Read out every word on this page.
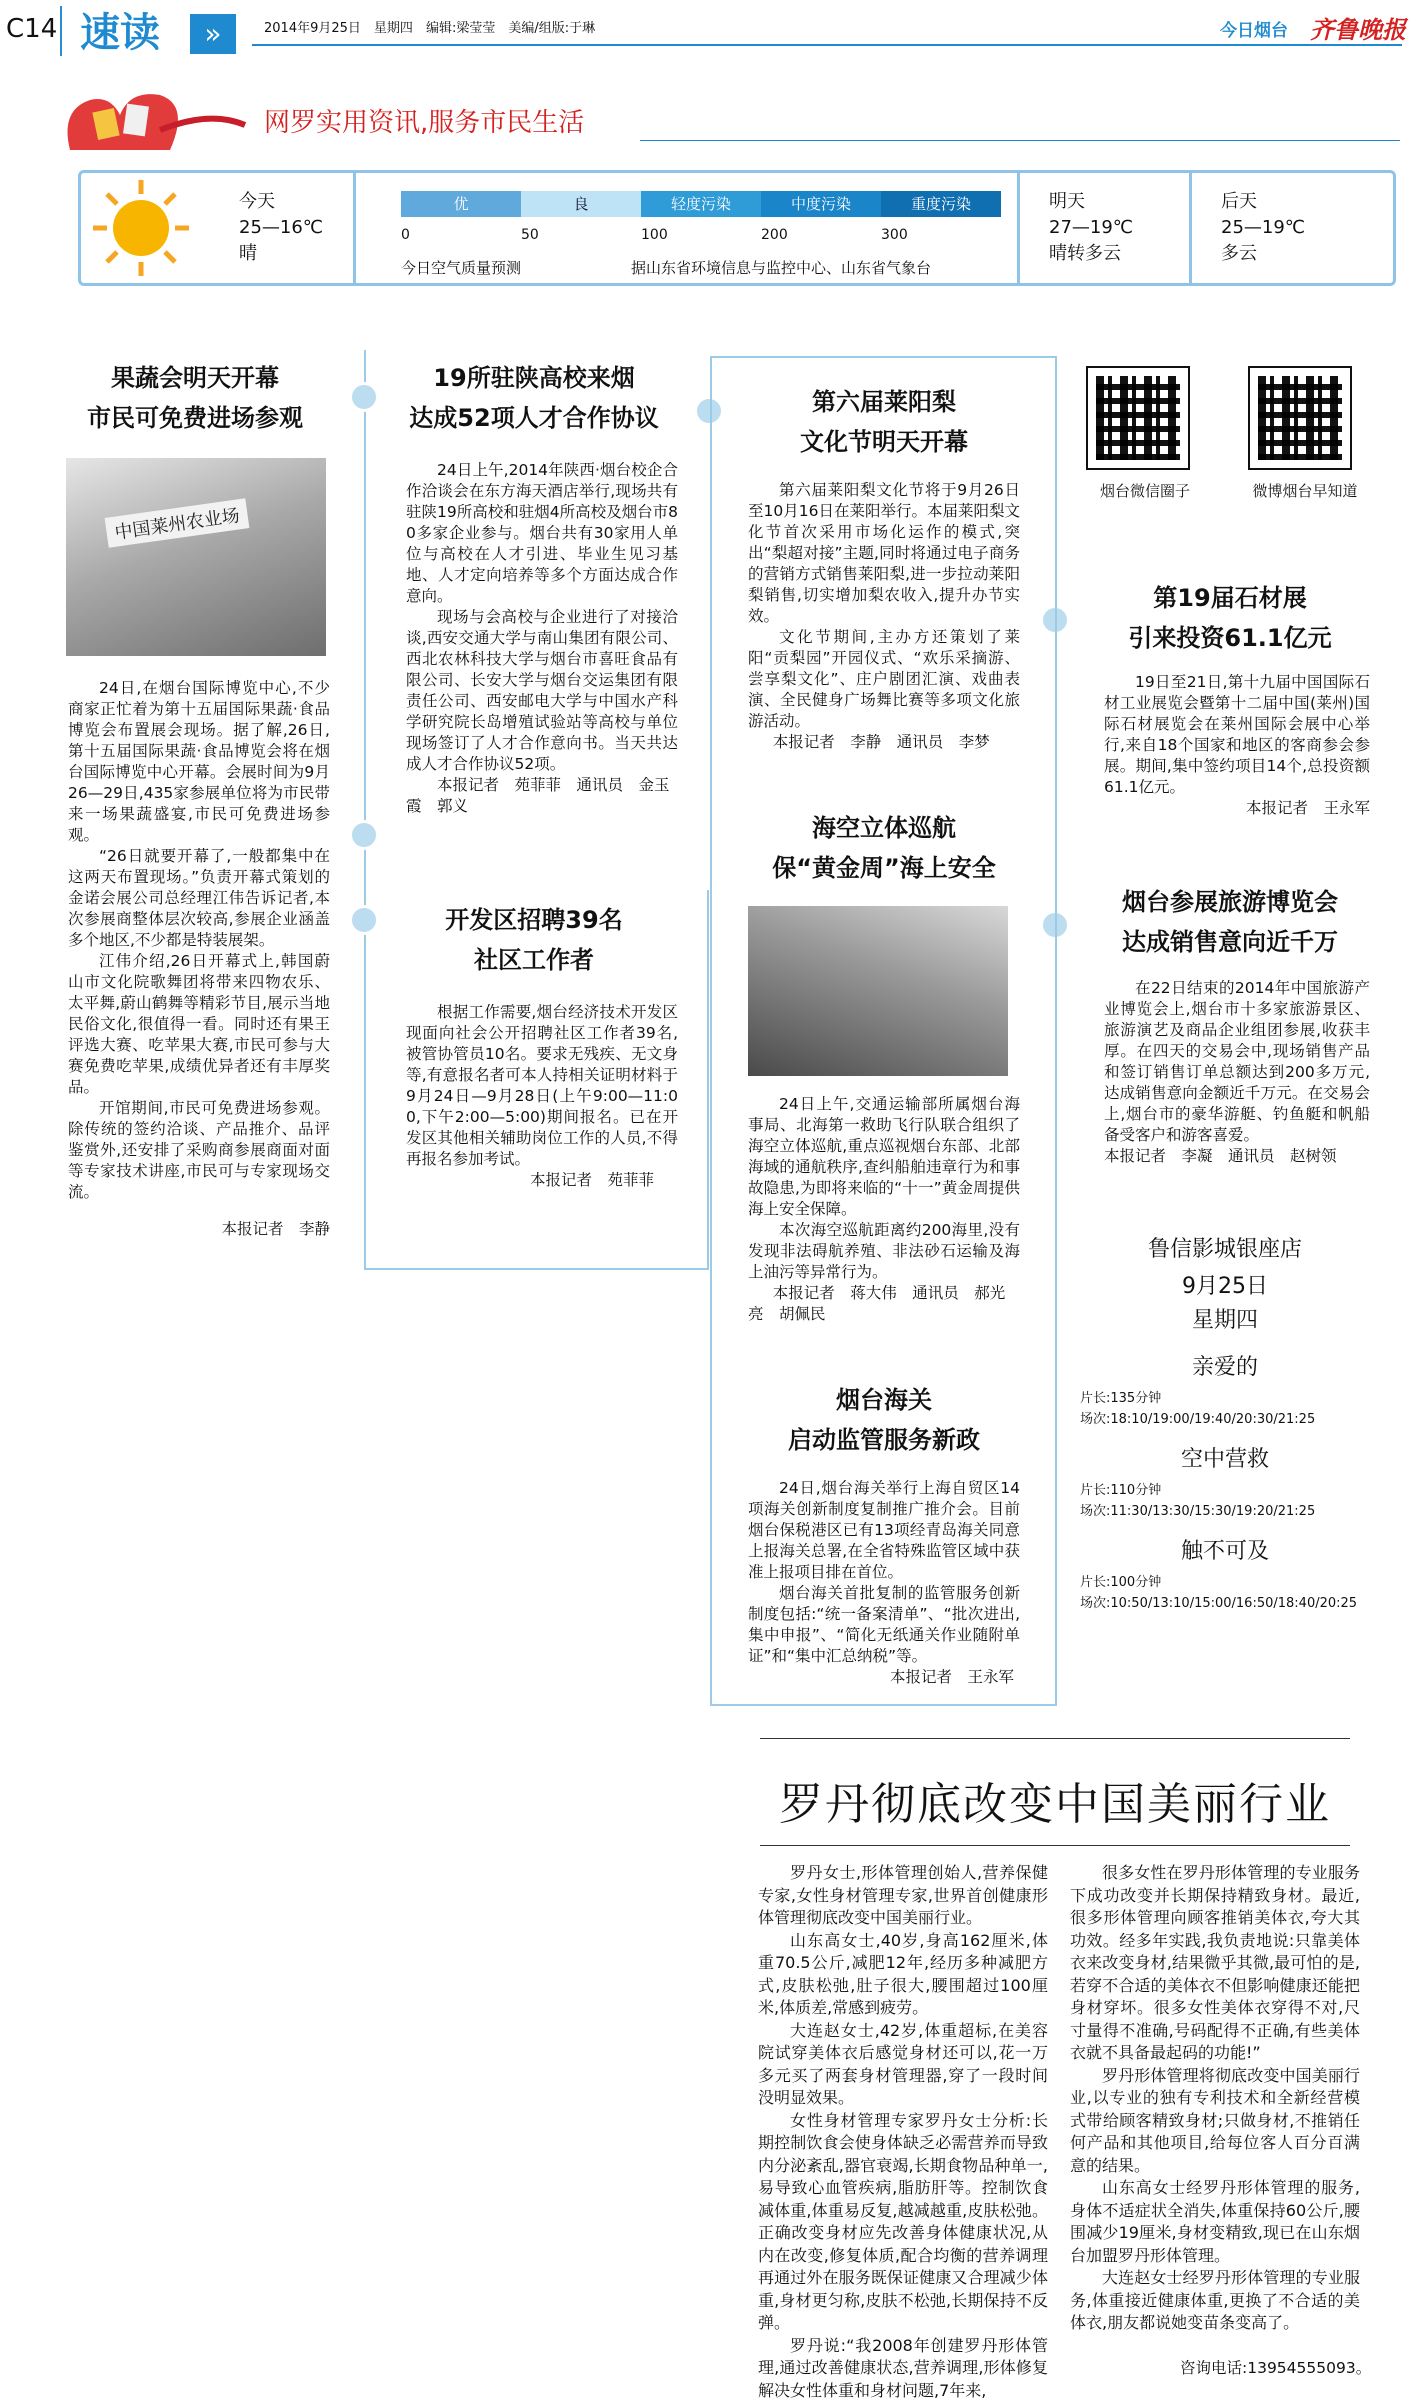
C14 速读	»	2014年9月25日　 星期四　 编辑:梁莹莹　 美编/组版:于琳	今日烟台 齐鲁晚报
网罗实用资讯,服务市民生活
今天
25—16℃
晴
优	良	轻度污染	中度污染	重度污染
0	50	100	200	300
今日空气质量预测	据山东省环境信息与监控中心、山东省气象台
明天
27—19℃
晴转多云
后天
25—19℃
多云
果蔬会明天开幕
市民可免费进场参观
中国莱州农业场

24日,在烟台国际博览中心,不少商家正忙着为第十五届国际果蔬·食品博览会布置展会现场。据了解,26日,第十五届国际果蔬·食品博览会将在烟台国际博览中心开幕。会展时间为9月26—29日,435家参展单位将为市民带来一场果蔬盛宴,市民可免费进场参观。

“26日就要开幕了,一般都集中在这两天布置现场。”负责开幕式策划的金诺会展公司总经理江伟告诉记者,本次参展商整体层次较高,参展企业涵盖多个地区,不少都是特装展架。

江伟介绍,26日开幕式上,韩国蔚山市文化院歌舞团将带来四物农乐、太平舞,蔚山鹤舞等精彩节目,展示当地民俗文化,很值得一看。同时还有果王评选大赛、吃苹果大赛,市民可参与大赛免费吃苹果,成绩优异者还有丰厚奖品。

开馆期间,市民可免费进场参观。除传统的签约洽谈、产品推介、品评鉴赏外,还安排了采购商参展商面对面等专家技术讲座,市民可与专家现场交流。

本报记者　李静
19所驻陕高校来烟
达成52项人才合作协议

24日上午,2014年陕西·烟台校企合作洽谈会在东方海天酒店举行,现场共有驻陕19所高校和驻烟4所高校及烟台市80多家企业参与。烟台共有30家用人单位与高校在人才引进、毕业生见习基地、人才定向培养等多个方面达成合作意向。

现场与会高校与企业进行了对接洽谈,西安交通大学与南山集团有限公司、西北农林科技大学与烟台市喜旺食品有限公司、长安大学与烟台交运集团有限责任公司、西安邮电大学与中国水产科学研究院长岛增殖试验站等高校与单位现场签订了人才合作意向书。当天共达成人才合作协议52项。

本报记者　苑菲菲　通讯员　金玉霞　郭义
开发区招聘39名
社区工作者

根据工作需要,烟台经济技术开发区现面向社会公开招聘社区工作者39名,被管协管员10名。要求无残疾、无文身等,有意报名者可本人持相关证明材料于9月24日—9月28日(上午9:00—11:00,下午2:00—5:00)期间报名。已在开发区其他相关辅助岗位工作的人员,不得再报名参加考试。

本报记者　苑菲菲
第六届莱阳梨
文化节明天开幕

第六届莱阳梨文化节将于9月26日至10月16日在莱阳举行。本届莱阳梨文化节首次采用市场化运作的模式,突出“梨超对接”主题,同时将通过电子商务的营销方式销售莱阳梨,进一步拉动莱阳梨销售,切实增加梨农收入,提升办节实效。

文化节期间,主办方还策划了莱阳“贡梨园”开园仪式、“欢乐采摘游、尝享梨文化”、庄户剧团汇演、戏曲表演、全民健身广场舞比赛等多项文化旅游活动。

本报记者　李静　通讯员　李梦
海空立体巡航
保“黄金周”海上安全

24日上午,交通运输部所属烟台海事局、北海第一救助飞行队联合组织了海空立体巡航,重点巡视烟台东部、北部海域的通航秩序,查纠船舶违章行为和事故隐患,为即将来临的“十一”黄金周提供海上安全保障。

本次海空巡航距离约200海里,没有发现非法碍航养殖、非法砂石运输及海上油污等异常行为。

本报记者　蒋大伟　通讯员　郝光亮　胡佩民
烟台海关
启动监管服务新政

24日,烟台海关举行上海自贸区14项海关创新制度复制推广推介会。目前烟台保税港区已有13项经青岛海关同意上报海关总署,在全省特殊监管区域中获准上报项目排在首位。

烟台海关首批复制的监管服务创新制度包括:“统一备案清单”、“批次进出,集中申报”、“简化无纸通关作业随附单证”和“集中汇总纳税”等。

本报记者　王永军
烟台微信圈子	微博烟台早知道
第19届石材展
引来投资61.1亿元

19日至21日,第十九届中国国际石材工业展览会暨第十二届中国(莱州)国际石材展览会在莱州国际会展中心举行,来自18个国家和地区的客商参会参展。期间,集中签约项目14个,总投资额61.1亿元。

本报记者　王永军
烟台参展旅游博览会
达成销售意向近千万

在22日结束的2014年中国旅游产业博览会上,烟台市十多家旅游景区、旅游演艺及商品企业组团参展,收获丰厚。在四天的交易会中,现场销售产品和签订销售订单总额达到200多万元,达成销售意向金额近千万元。在交易会上,烟台市的豪华游艇、钓鱼艇和帆船备受客户和游客喜爱。

本报记者　李凝　通讯员　赵树领
鲁信影城银座店
9月25日
星期四
亲爱的
片长:135分钟
场次:18:10/19:00/19:40/20:30/21:25
空中营救
片长:110分钟
场次:11:30/13:30/15:30/19:20/21:25
触不可及
片长:100分钟
场次:10:50/13:10/15:00/16:50/18:40/20:25
罗丹彻底改变中国美丽行业

罗丹女士,形体管理创始人,营养保健专家,女性身材管理专家,世界首创健康形体管理彻底改变中国美丽行业。

山东高女士,40岁,身高162厘米,体重70.5公斤,减肥12年,经历多种减肥方式,皮肤松弛,肚子很大,腰围超过100厘米,体质差,常感到疲劳。

大连赵女士,42岁,体重超标,在美容院试穿美体衣后感觉身材还可以,花一万多元买了两套身材管理器,穿了一段时间没明显效果。

女性身材管理专家罗丹女士分析:长期控制饮食会使身体缺乏必需营养而导致内分泌紊乱,器官衰竭,长期食物品种单一,易导致心血管疾病,脂肪肝等。控制饮食减体重,体重易反复,越减越重,皮肤松弛。正确改变身材应先改善身体健康状况,从内在改变,修复体质,配合均衡的营养调理再通过外在服务既保证健康又合理减少体重,身材更匀称,皮肤不松弛,长期保持不反弹。

罗丹说:“我2008年创建罗丹形体管理,通过改善健康状态,营养调理,形体修复解决女性体重和身材问题,7年来,

很多女性在罗丹形体管理的专业服务下成功改变并长期保持精致身材。最近,很多形体管理向顾客推销美体衣,夸大其功效。经多年实践,我负责地说:只靠美体衣来改变身材,结果微乎其微,最可怕的是,若穿不合适的美体衣不但影响健康还能把身材穿坏。很多女性美体衣穿得不对,尺寸量得不准确,号码配得不正确,有些美体衣就不具备最起码的功能!”

罗丹形体管理将彻底改变中国美丽行业,以专业的独有专利技术和全新经营模式带给顾客精致身材;只做身材,不推销任何产品和其他项目,给每位客人百分百满意的结果。

山东高女士经罗丹形体管理的服务,身体不适症状全消失,体重保持60公斤,腰围减少19厘米,身材变精致,现已在山东烟台加盟罗丹形体管理。

大连赵女士经罗丹形体管理的专业服务,体重接近健康体重,更换了不合适的美体衣,朋友都说她变苗条变高了。

咨询电话:13954555093。
